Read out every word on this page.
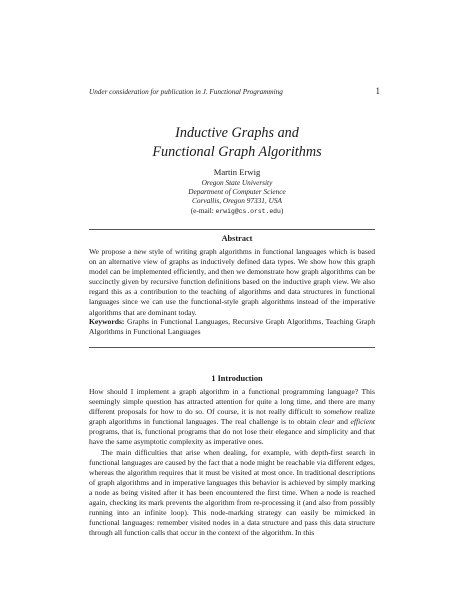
Under consideration for publication in J. Functional Programming	1
Inductive Graphs and
Functional Graph Algorithms
Martin Erwig
Oregon State University
Department of Computer Science
Corvallis, Oregon 97331, USA
(e-mail: erwig@cs.orst.edu)
Abstract

We propose a new style of writing graph algorithms in functional languages which is based on an alternative view of graphs as inductively defined data types. We show how this graph model can be implemented efficiently, and then we demonstrate how graph algorithms can be succinctly given by recursive function definitions based on the inductive graph view. We also regard this as a contribution to the teaching of algorithms and data structures in functional languages since we can use the functional-style graph algorithms instead of the imperative algorithms that are dominant today.

Keywords: Graphs in Functional Languages, Recursive Graph Algorithms, Teaching Graph Algorithms in Functional Languages

1 Introduction

How should I implement a graph algorithm in a functional programming language? This seemingly simple question has attracted attention for quite a long time, and there are many different proposals for how to do so. Of course, it is not really difficult to somehow realize graph algorithms in functional languages. The real challenge is to obtain clear and efficient programs, that is, functional programs that do not lose their elegance and simplicity and that have the same asymptotic complexity as imperative ones.

The main difficulties that arise when dealing, for example, with depth-first search in functional languages are caused by the fact that a node might be reachable via different edges, whereas the algorithm requires that it must be visited at most once. In traditional descriptions of graph algorithms and in imperative languages this behavior is achieved by simply marking a node as being visited after it has been encountered the first time. When a node is reached again, checking its mark prevents the algorithm from re-processing it (and also from possibly running into an infinite loop). This node-marking strategy can easily be mimicked in functional languages: remember visited nodes in a data structure and pass this data structure through all function calls that occur in the context of the algorithm. In this
